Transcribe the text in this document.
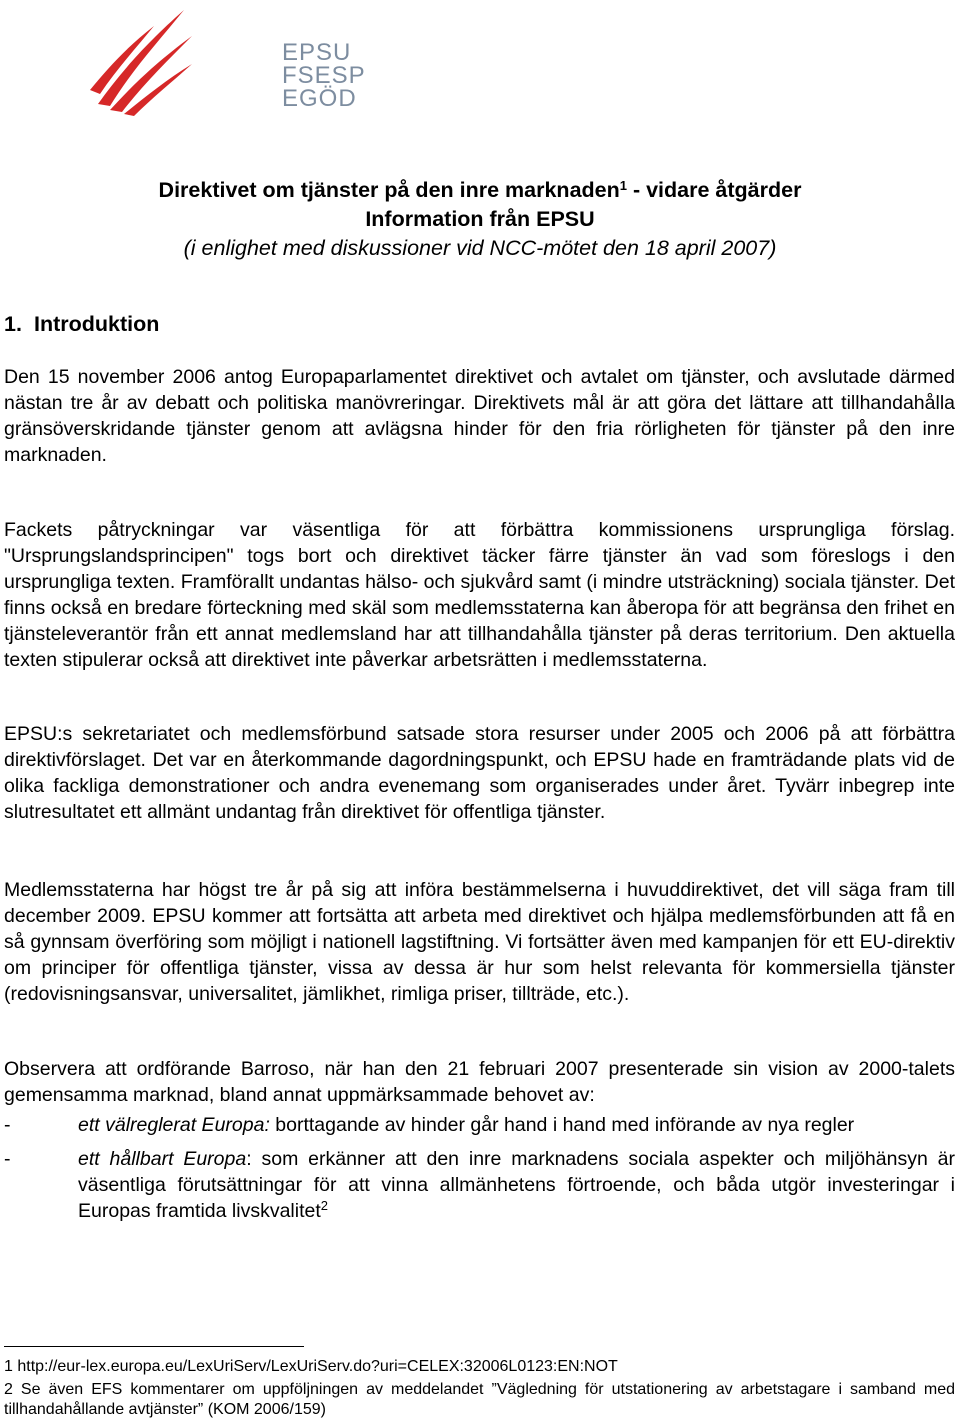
EPSU
FSESP
EGÖD
Direktivet om tjänster på den inre marknaden$^1$ - vidare åtgärder
Information från EPSU
(i enlighet med diskussioner vid NCC-mötet den 18 april 2007)
1. Introduktion
Den 15 november 2006 antog Europaparlamentet direktivet och avtalet om tjänster, och avslutade därmed nästan tre år av debatt och politiska manövreringar. Direktivets mål är att göra det lättare att tillhandahålla gränsöverskridande tjänster genom att avlägsna hinder för den fria rörligheten för tjänster på den inre marknaden.
Fackets påtryckningar var väsentliga för att förbättra kommissionens ursprungliga förslag. "Ursprungslandsprincipen" togs bort och direktivet täcker färre tjänster än vad som föreslogs i den ursprungliga texten. Framförallt undantas hälso- och sjukvård samt (i mindre utsträckning) sociala tjänster. Det finns också en bredare förteckning med skäl som medlemsstaterna kan åberopa för att begränsa den frihet en tjänsteleverantör från ett annat medlemsland har att tillhandahålla tjänster på deras territorium. Den aktuella texten stipulerar också att direktivet inte påverkar arbetsrätten i medlemsstaterna.
EPSU:s sekretariatet och medlemsförbund satsade stora resurser under 2005 och 2006 på att förbättra direktivförslaget. Det var en återkommande dagordningspunkt, och EPSU hade en framträdande plats vid de olika fackliga demonstrationer och andra evenemang som organiserades under året. Tyvärr inbegrep inte slutresultatet ett allmänt undantag från direktivet för offentliga tjänster.
Medlemsstaterna har högst tre år på sig att införa bestämmelserna i huvuddirektivet, det vill säga fram till december 2009. EPSU kommer att fortsätta att arbeta med direktivet och hjälpa medlemsförbunden att få en så gynnsam överföring som möjligt i nationell lagstiftning. Vi fortsätter även med kampanjen för ett EU-direktiv om principer för offentliga tjänster, vissa av dessa är hur som helst relevanta för kommersiella tjänster (redovisningsansvar, universalitet, jämlikhet, rimliga priser, tillträde, etc.).
Observera att ordförande Barroso, när han den 21 februari 2007 presenterade sin vision av 2000-talets gemensamma marknad, bland annat uppmärksammade behovet av:
-	ett välreglerat Europa: borttagande av hinder går hand i hand med införande av nya regler
-	ett hållbart Europa: som erkänner att den inre marknadens sociala aspekter och miljöhänsyn är väsentliga förutsättningar för att vinna allmänhetens förtroende, och båda utgör investeringar i Europas framtida livskvalitet$^2$
1 http://eur-lex.europa.eu/LexUriServ/LexUriServ.do?uri=CELEX:32006L0123:EN:NOT
2 Se även EFS kommentarer om uppföljningen av meddelandet ”Vägledning för utstationering av arbetstagare i samband med tillhandahållande avtjänster” (KOM 2006/159)
